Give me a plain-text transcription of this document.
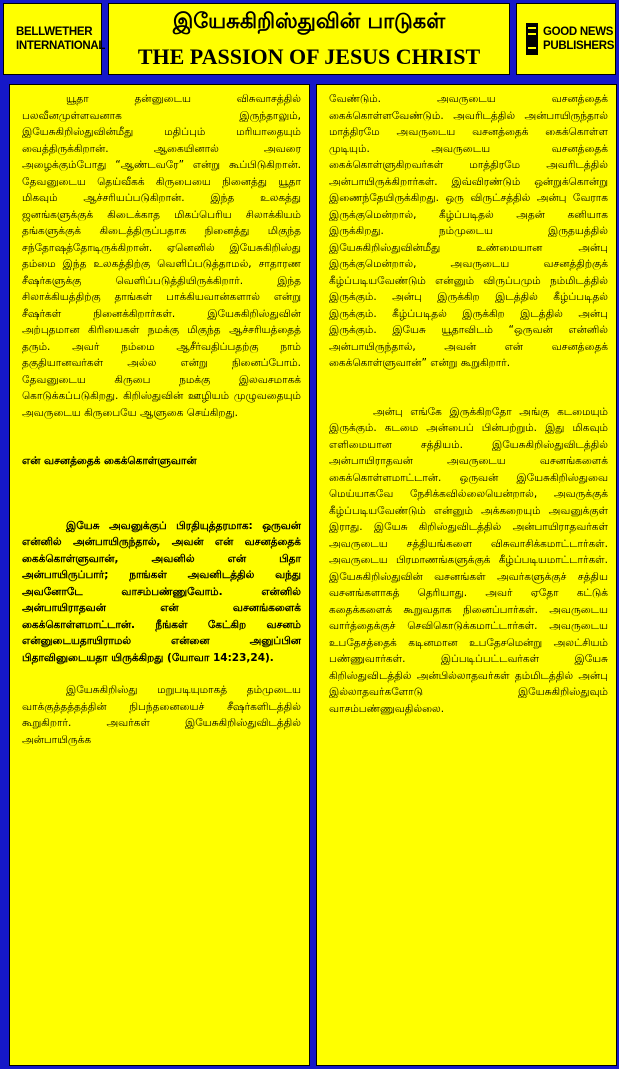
BELLWETHER
INTERNATIONAL
இயேசுகிறிஸ்துவின் பாடுகள்
THE PASSION OF JESUS CHRIST
GOOD NEWS
PUBLISHERS

யூதா தன்னுடைய விசுவாசத்தில் பலவீனமுள்ளவனாக இருந்தாலும், இயேசுகிறிஸ்துவின்மீது மதிப்பும் மரியாதையும் வைத்திருக்கிறான். ஆகையினால் அவரை அழைக்கும்போது “ஆண்டவரே” என்று கூப்பிடுகிறான். தேவனுடைய தெய்வீகக் கிருபையை நினைத்து யூதா மிகவும் ஆச்சரியப்படுகிறான். இந்த உலகத்து ஜனங்களுக்குக் கிடைக்காத மிகப்பெரிய சிலாக்கியம் தங்களுக்குக் கிடைத்திருப்பதாக நினைத்து மிகுந்த சந்தோஷத்தோடிருக்கிறான். ஏனெனில் இயேசுகிறிஸ்து தம்மை இந்த உலகத்திற்கு வெளிப்படுத்தாமல், சாதாரண சீஷர்களுக்கு வெளிப்படுத்தியிருக்கிறார். இந்த சிலாக்கியத்திற்கு தாங்கள் பாக்கியவான்களால் என்று சீஷர்கள் நினைக்கிறார்கள். இயேசுகிறிஸ்துவின் அற்புதமான கிரியைகள் நமக்கு மிகுந்த ஆச்சரியத்தைத் தரும். அவர் நம்மை ஆசீர்வதிப்பதற்கு நாம் தகுதியானவர்கள் அல்ல என்று நினைப்போம். தேவனுடைய கிருபை நமக்கு இலவசமாகக் கொடுக்கப்படுகிறது. கிறிஸ்துவின் ஊழியம் முழுவதையும் அவருடைய கிருபையே ஆளுகை செய்கிறது.

என் வசனத்தைக் கைக்கொள்ளுவான்

இயேசு அவனுக்குப் பிரதியுத்தரமாக: ஒருவன் என்னில் அன்பாயிருந்தால், அவன் என் வசனத்தைக் கைக்கொள்ளுவான், அவனில் என் பிதா அன்பாயிருப்பார்; நாங்கள் அவனிடத்தில் வந்து அவனோடே வாசம்பண்ணுவோம். என்னில் அன்பாயிராதவன் என் வசனங்களைக் கைக்கொள்ளமாட்டான். நீங்கள் கேட்கிற வசனம் என்னுடையதாயிராமல் என்னை அனுப்பின பிதாவினுடையதா யிருக்கிறது (யோவா 14:23,24).

இயேசுகிறிஸ்து மறுபடியுமாகத் தம்முடைய வாக்குத்தத்தத்தின் நிபந்தனையைச் சீஷர்களிடத்தில் கூறுகிறார். அவர்கள் இயேசுகிறிஸ்துவிடத்தில் அன்பாயிருக்க

வேண்டும். அவருடைய வசனத்தைக் கைக்கொள்ளவேண்டும். அவரிடத்தில் அன்பாயிருந்தால் மாத்திரமே அவருடைய வசனத்தைக் கைக்கொள்ள முடியும். அவருடைய வசனத்தைக் கைக்கொள்ளுகிறவர்கள் மாத்திரமே அவரிடத்தில் அன்பாயிருக்கிறார்கள். இவ்விரண்டும் ஒன்றுக்கொன்று இணைந்தேயிருக்கிறது. ஒரு விருட்சத்தில் அன்பு வேராக இருக்குமென்றால், கீழ்ப்படிதல் அதன் கனியாக இருக்கிறது. நம்முடைய இருதயத்தில் இயேசுகிறிஸ்துவின்மீது உண்மையான அன்பு இருக்குமென்றால், அவருடைய வசனத்திற்குக் கீழ்ப்படியவேண்டும் என்னும் விருப்பமும் நம்மிடத்தில் இருக்கும். அன்பு இருக்கிற இடத்தில் கீழ்ப்படிதல் இருக்கும். கீழ்ப்படிதல் இருக்கிற இடத்தில் அன்பு இருக்கும். இயேசு யூதாவிடம் “ஒருவன் என்னில் அன்பாயிருந்தால், அவன் என் வசனத்தைக் கைக்கொள்ளுவான்” என்று கூறுகிறார்.

அன்பு எங்கே இருக்கிறதோ அங்கு கடமையும் இருக்கும். கடமை அன்பைப் பின்பற்றும். இது மிகவும் எளிமையான சத்தியம். இயேசுகிறிஸ்துவிடத்தில் அன்பாயிராதவன் அவருடைய வசனங்களைக் கைக்கொள்ளமாட்டான். ஒருவன் இயேசுகிறிஸ்துவை மெய்யாகவே நேசிக்கவில்லையென்றால், அவருக்குக் கீழ்ப்படியவேண்டும் என்னும் அக்கறையும் அவனுக்குள் இராது. இயேசு கிறிஸ்துவிடத்தில் அன்பாயிராதவர்கள் அவருடைய சத்தியங்களை விசுவாசிக்கமாட்டார்கள். அவருடைய பிரமாணங்களுக்குக் கீழ்ப்படியமாட்டார்கள். இயேசுகிறிஸ்துவின் வசனங்கள் அவர்களுக்குச் சத்திய வசனங்களாகத் தெரியாது. அவர் ஏதோ கட்டுக் கதைக்களைக் கூறுவதாக நினைப்பார்கள். அவருடைய வார்த்தைக்குச் செவிகொடுக்கமாட்டார்கள். அவருடைய உபதேசத்தைக் கடினமான உபதேசமென்று அலட்சியம் பண்ணுவார்கள். இப்படிப்பட்டவர்கள் இயேசு கிறிஸ்துவிடத்தில் அன்பில்லாதவர்கள் தம்மிடத்தில் அன்பு இல்லாதவர்களோடு இயேசுகிறிஸ்துவும் வாசம்பண்ணுவதில்லை.
